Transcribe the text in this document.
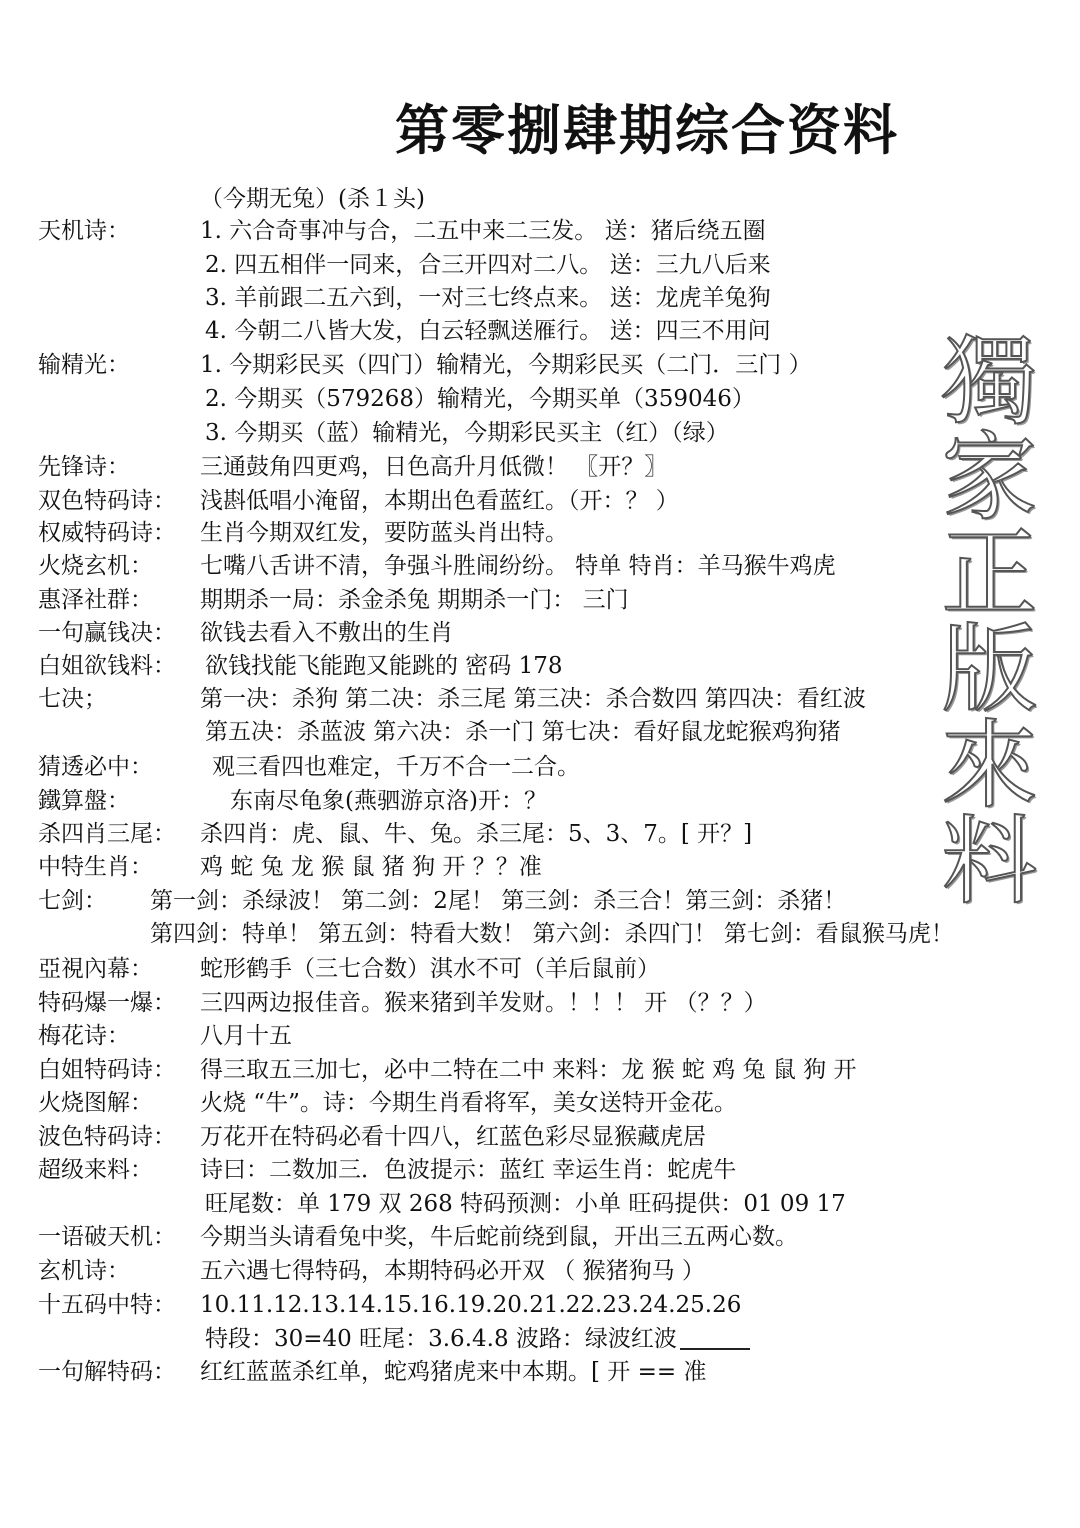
第零捌肆期综合资料
（今期无兔）(杀１头)
獨家正版來料
天机诗：	1. 六合奇事冲与合，二五中来二三发。 送：猪后绕五圈
2. 四五相伴一同来，合三开四对二八。 送：三九八后来
3. 羊前跟二五六到，一对三七终点来。 送：龙虎羊兔狗
4. 今朝二八皆大发，白云轻飘送雁行。 送：四三不用问
输精光：	1. 今期彩民买（四门）输精光，今期彩民买（二门．三门 ）
2. 今期买（579268）输精光，今期买单（359046）
3. 今期买（蓝）输精光，今期彩民买主（红）（绿）
先锋诗：	三通鼓角四更鸡，日色高升月低微！ 〖开？〗
双色特码诗： 浅斟低唱小淹留，本期出色看蓝红。（开：？ ）
权威特码诗： 生肖今期双红发，要防蓝头肖出特。
火烧玄机： 七嘴八舌讲不清，争强斗胜闹纷纷。 特单 特肖：羊马猴牛鸡虎
惠泽社群： 期期杀一局：杀金杀兔 期期杀一门： 三门
一句赢钱决： 欲钱去看入不敷出的生肖
白姐欲钱料： 欲钱找能飞能跑又能跳的 密码 178
七决；	第一决：杀狗 第二决：杀三尾 第三决：杀合数四 第四决：看红波
第五决：杀蓝波 第六决：杀一门 第七决：看好鼠龙蛇猴鸡狗猪
猜透必中：	观三看四也难定，千万不合一二合。
鐵算盤：	东南尽龟象(燕驷游京洛)开：？
杀四肖三尾： 杀四肖：虎、鼠、牛、兔。杀三尾：5、3、7。[ 开？]
中特生肖： 鸡 蛇 兔 龙 猴 鼠 猪 狗 开 ？？准
七剑： 第一剑：杀绿波！ 第二剑：2尾！ 第三剑：杀三合！第三剑：杀猪！
第四剑：特单！ 第五剑：特看大数！ 第六剑：杀四门！ 第七剑：看鼠猴马虎！
亞視內幕： 蛇形鹤手（三七合数）淇水不可（羊后鼠前）
特码爆一爆： 三四两边报佳音。猴来猪到羊发财。！！！ 开 （？？）
梅花诗：	八月十五
白姐特码诗： 得三取五三加七，必中二特在二中 来料：龙 猴 蛇 鸡 兔 鼠 狗 开
火烧图解： 火烧 “牛”。诗：今期生肖看将军，美女送特开金花。
波色特码诗： 万花开在特码必看十四八，红蓝色彩尽显猴藏虎居
超级来料： 诗曰：二数加三．色波提示：蓝红 幸运生肖：蛇虎牛
旺尾数：单 179 双 268 特码预测：小单 旺码提供：01 09 17
一语破天机： 今期当头请看兔中奖，牛后蛇前绕到鼠，开出三五两心数。
玄机诗：	五六遇七得特码，本期特码必开双 （ 猴猪狗马 ）
十五码中特： 10.11.12.13.14.15.16.19.20.21.22.23.24.25.26
特段：30=40 旺尾：3.6.4.8 波路：绿波红波
一句解特码： 红红蓝蓝杀红单，蛇鸡猪虎来中本期。[ 开 == 准
